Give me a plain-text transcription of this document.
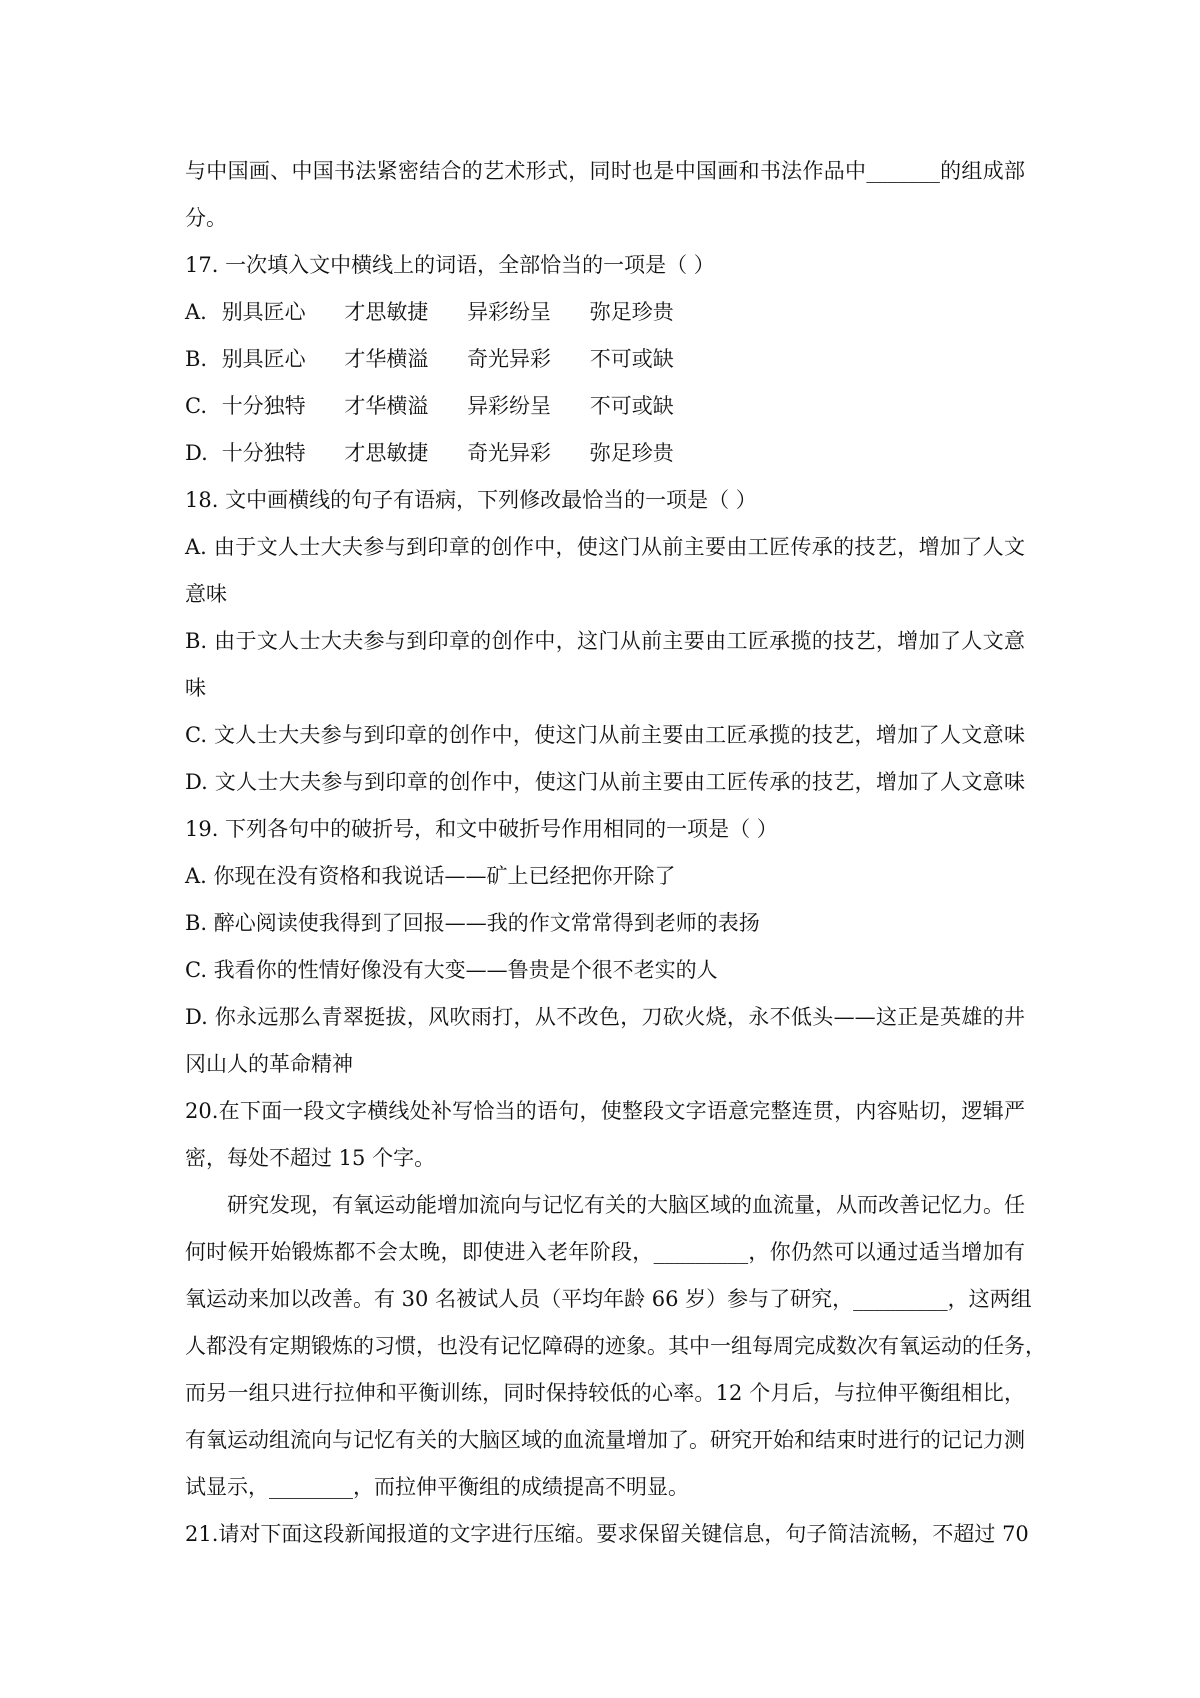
与中国画、中国书法紧密结合的艺术形式，同时也是中国画和书法作品中_______的组成部
分。
17. 一次填入文中横线上的词语，全部恰当的一项是（ ）
A. 别具匠心 才思敏捷 异彩纷呈 弥足珍贵
B. 别具匠心 才华横溢 奇光异彩 不可或缺
C. 十分独特 才华横溢 异彩纷呈 不可或缺
D. 十分独特 才思敏捷 奇光异彩 弥足珍贵
18. 文中画横线的句子有语病，下列修改最恰当的一项是（ ）
A. 由于文人士大夫参与到印章的创作中，使这门从前主要由工匠传承的技艺，增加了人文
意味
B. 由于文人士大夫参与到印章的创作中，这门从前主要由工匠承揽的技艺，增加了人文意
味
C. 文人士大夫参与到印章的创作中，使这门从前主要由工匠承揽的技艺，增加了人文意味
D. 文人士大夫参与到印章的创作中，使这门从前主要由工匠传承的技艺，增加了人文意味
19. 下列各句中的破折号，和文中破折号作用相同的一项是（ ）
A. 你现在没有资格和我说话——矿上已经把你开除了
B. 醉心阅读使我得到了回报——我的作文常常得到老师的表扬
C. 我看你的性情好像没有大变——鲁贵是个很不老实的人
D. 你永远那么青翠挺拔，风吹雨打，从不改色，刀砍火烧，永不低头——这正是英雄的井
冈山人的革命精神
20.在下面一段文字横线处补写恰当的语句，使整段文字语意完整连贯，内容贴切，逻辑严
密，每处不超过 15 个字。
研究发现，有氧运动能增加流向与记忆有关的大脑区域的血流量，从而改善记忆力。任
何时候开始锻炼都不会太晚，即使进入老年阶段，_________，你仍然可以通过适当增加有
氧运动来加以改善。有 30 名被试人员（平均年龄 66 岁）参与了研究，_________，这两组
人都没有定期锻炼的习惯，也没有记忆障碍的迹象。其中一组每周完成数次有氧运动的任务，
而另一组只进行拉伸和平衡训练，同时保持较低的心率。12 个月后，与拉伸平衡组相比，
有氧运动组流向与记忆有关的大脑区域的血流量增加了。研究开始和结束时进行的记记力测
试显示，________，而拉伸平衡组的成绩提高不明显。
21.请对下面这段新闻报道的文字进行压缩。要求保留关键信息，句子简洁流畅，不超过 70
